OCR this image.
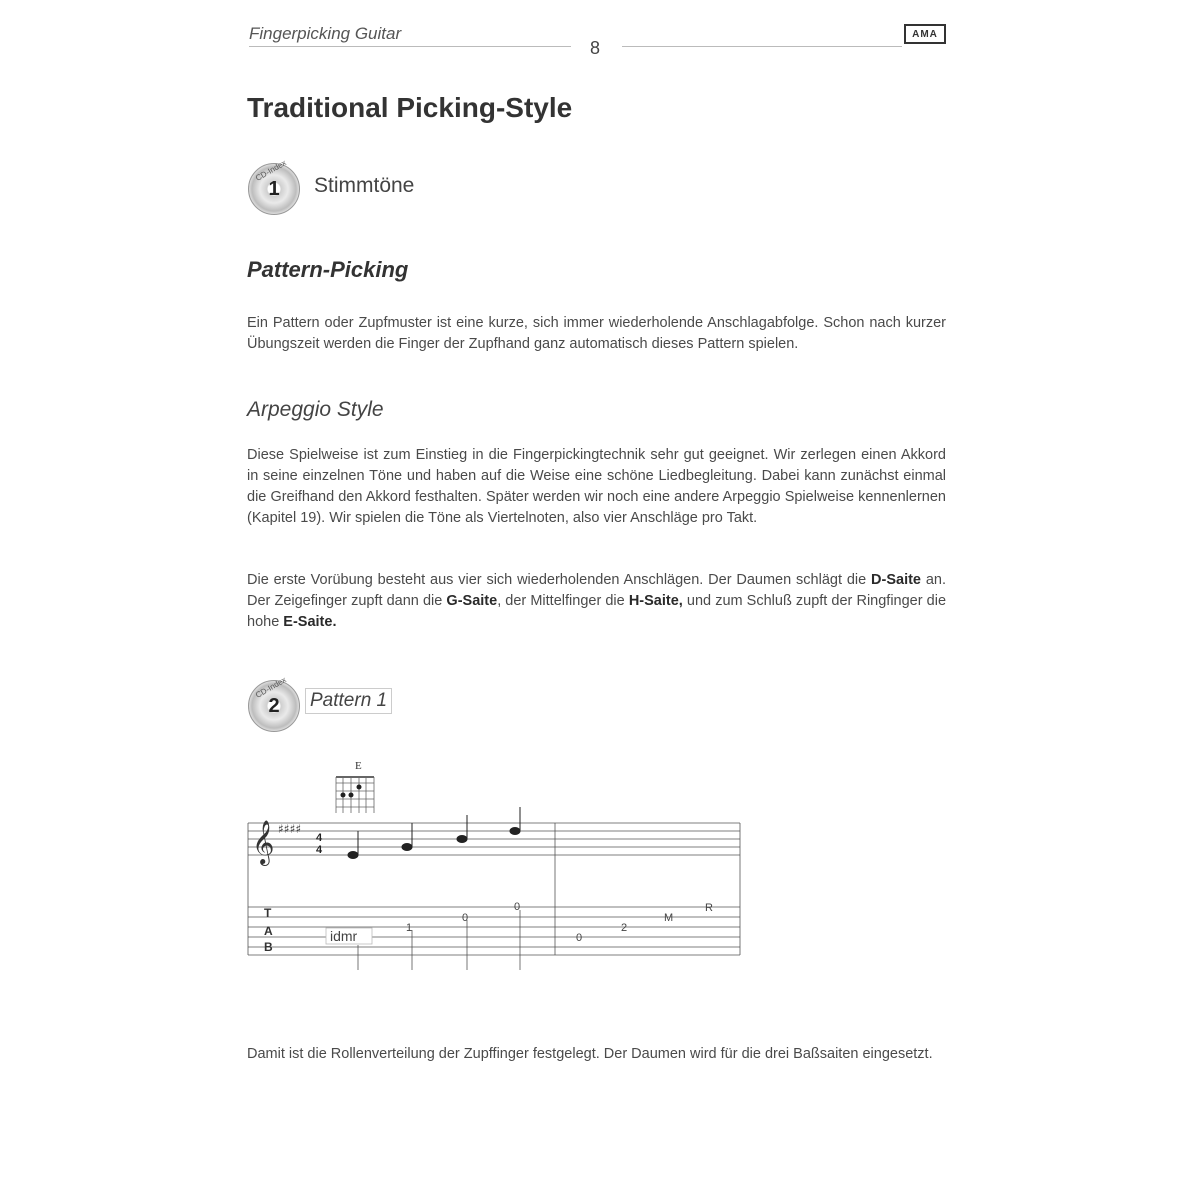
Fingerpicking Guitar
8
AMA
Traditional Picking-Style
CD-Index
1	Stimmtöne
Pattern-Picking
Ein Pattern oder Zupfmuster ist eine kurze, sich immer wiederholende Anschlagabfolge. Schon nach kurzer Übungszeit werden die Finger der Zupfhand ganz automatisch dieses Pattern spielen.
Arpeggio Style
Diese Spielweise ist zum Einstieg in die Fingerpickingtechnik sehr gut geeignet. Wir zerlegen einen Akkord in seine einzelnen Töne und haben auf die Weise eine schöne Liedbegleitung. Dabei kann zunächst einmal die Greifhand den Akkord festhalten. Später werden wir noch eine andere Arpeggio Spielweise kennenlernen (Kapitel 19). Wir spielen die Töne als Viertelnoten, also vier Anschläge pro Takt.
Die erste Vorübung besteht aus vier sich wiederholenden Anschlägen. Der Daumen schlägt die D-Saite an. Der Zeigefinger zupft dann die G-Saite, der Mittelfinger die H-Saite, und zum Schluß zupft der Ringfinger die hohe E-Saite.
CD-Index
2	Pattern 1
E
𝄞 ♯♯♯♯
4
4
T
A
B
idmr	1
0
0
0
2
M
R
Damit ist die Rollenverteilung der Zupffinger festgelegt. Der Daumen wird für die drei Baßsaiten eingesetzt.
